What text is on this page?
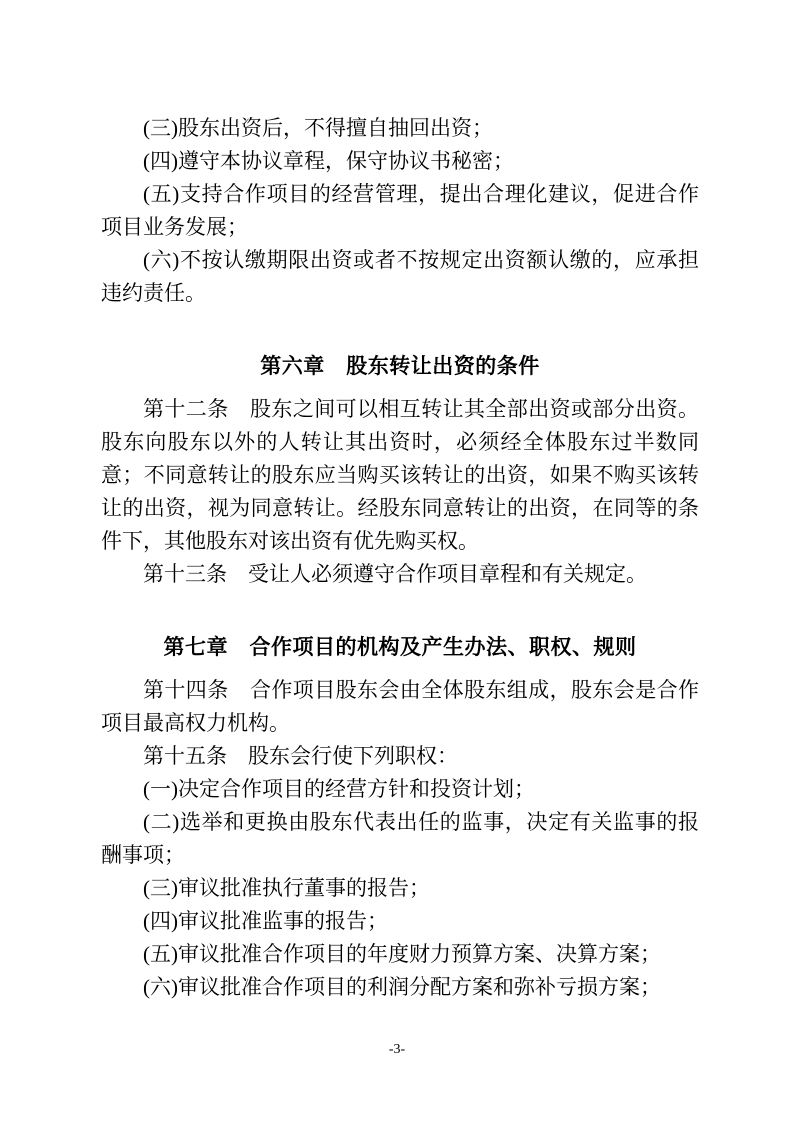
(三)股东出资后，不得擅自抽回出资；

(四)遵守本协议章程，保守协议书秘密；

(五)支持合作项目的经营管理，提出合理化建议，促进合作项目业务发展；

(六)不按认缴期限出资或者不按规定出资额认缴的，应承担违约责任。

第六章　股东转让出资的条件

第十二条　股东之间可以相互转让其全部出资或部分出资。股东向股东以外的人转让其出资时，必须经全体股东过半数同意；不同意转让的股东应当购买该转让的出资，如果不购买该转让的出资，视为同意转让。经股东同意转让的出资，在同等的条件下，其他股东对该出资有优先购买权。

第十三条　受让人必须遵守合作项目章程和有关规定。

第七章　合作项目的机构及产生办法、职权、规则

第十四条　合作项目股东会由全体股东组成，股东会是合作项目最高权力机构。

第十五条　股东会行使下列职权：

(一)决定合作项目的经营方针和投资计划；

(二)选举和更换由股东代表出任的监事，决定有关监事的报酬事项；

(三)审议批准执行董事的报告；

(四)审议批准监事的报告；

(五)审议批准合作项目的年度财力预算方案、决算方案；

(六)审议批准合作项目的利润分配方案和弥补亏损方案；

-3-
